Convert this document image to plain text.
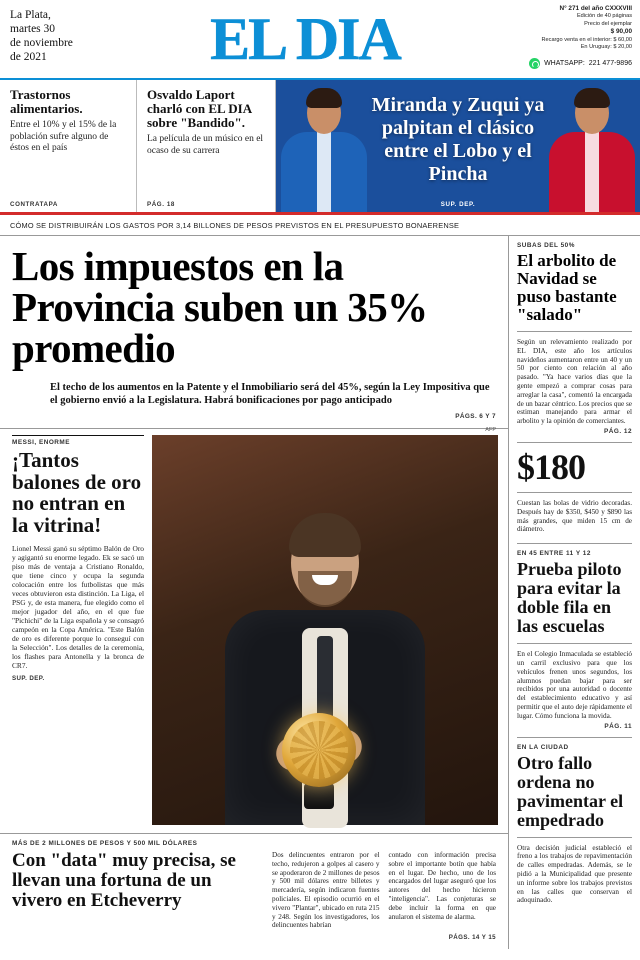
La Plata,
martes 30
de noviembre
de 2021	EL DIA	N° 271 del año CXXXVIII
Edición de 40 páginas
Precio del ejemplar
$ 90,00
Recargo venta en el interior: $ 60,00
En Uruguay: $ 20,00
WHATSAPP: 221 477-9896
Trastornos alimentarios.

Entre el 10% y el 15% de la población sufre alguno de éstos en el país

CONTRATAPA
Osvaldo Laport charló con EL DIA sobre "Bandido".

La película de un músico en el ocaso de su carrera

PÁG. 18
Miranda y Zuqui ya palpitan el clásico entre el Lobo y el Pincha
SUP. DEP.
CÓMO SE DISTRIBUIRÁN LOS GASTOS POR 3,14 BILLONES DE PESOS PREVISTOS EN EL PRESUPUESTO BONAERENSE
Los impuestos en la Provincia suben un 35% promedio
El techo de los aumentos en la Patente y el Inmobiliario será del 45%, según la Ley Impositiva que el gobierno envió a la Legislatura. Habrá bonificaciones por pago anticipado
PÁGS. 6 Y 7
MESSI, ENORME
¡Tantos balones de oro no entran en la vitrina!

Lionel Messi ganó su séptimo Balón de Oro y agigantó su enorme legado. Ek se sacó un piso más de ventaja a Cristiano Ronaldo, que tiene cinco y ocupa la segunda colocación entre los futbolistas que más veces obtuvieron esta distinción. La Liga, el PSG y, de esta manera, fue elegido como el mejor jugador del año, en el que fue "Pichichi" de la Liga española y se consagró campeón en la Copa América. "Este Balón de oro es diferente porque lo conseguí con la Selección". Los detalles de la ceremonia, los flashes para Antonella y la bronca de CR7.

SUP. DEP.
AFP
MÁS DE 2 MILLONES DE PESOS Y 500 MIL DÓLARES
Con "data" muy precisa, se llevan una fortuna de un vivero en Etcheverry

Dos delincuentes entraron por el techo, redujeron a golpes al casero y se apoderaron de 2 millones de pesos y 500 mil dólares entre billetes y mercadería, según indicaron fuentes policiales. El episodio ocurrió en el vivero "Plantar", ubicado en ruta 215 y 248. Según los investigadores, los delincuentes habrían

contado con información precisa sobre el importante botín que había en el lugar. De hecho, uno de los encargados del lugar aseguró que los autores del hecho hicieron "inteligencia". Las conjeturas se debe incluir la forma en que anularon el sistema de alarma.

PÁGS. 14 Y 15
SUBAS DEL 50%
El arbolito de Navidad se puso bastante "salado"

Según un relevamiento realizado por EL DIA, este año los artículos navideños aumentaron entre un 40 y un 50 por ciento con relación al año pasado. "Ya hace varios días que la gente empezó a comprar cosas para arreglar la casa", comentó la encargada de un bazar céntrico. Los precios que se estiman manejando para armar el arbolito y la opinión de comerciantes.

PÁG. 12
$180

Cuestan las bolas de vidrio decoradas. Después hay de $350, $450 y $890 las más grandes, que miden 15 cm de diámetro.

EN 45 ENTRE 11 Y 12
Prueba piloto para evitar la doble fila en las escuelas

En el Colegio Inmaculada se estableció un carril exclusivo para que los vehículos frenen unos segundos, los alumnos puedan bajar para ser recibidos por una autoridad o docente del establecimiento educativo y así permitir que el auto deje rápidamente el lugar. Cómo funciona la movida.

PÁG. 11
EN LA CIUDAD
Otro fallo ordena no pavimentar el empedrado

Otra decisión judicial estableció el freno a los trabajos de repavimentación de calles empedradas. Además, se le pidió a la Municipalidad que presente un informe sobre los trabajos previstos en las calles que conservan el adoquinado.
